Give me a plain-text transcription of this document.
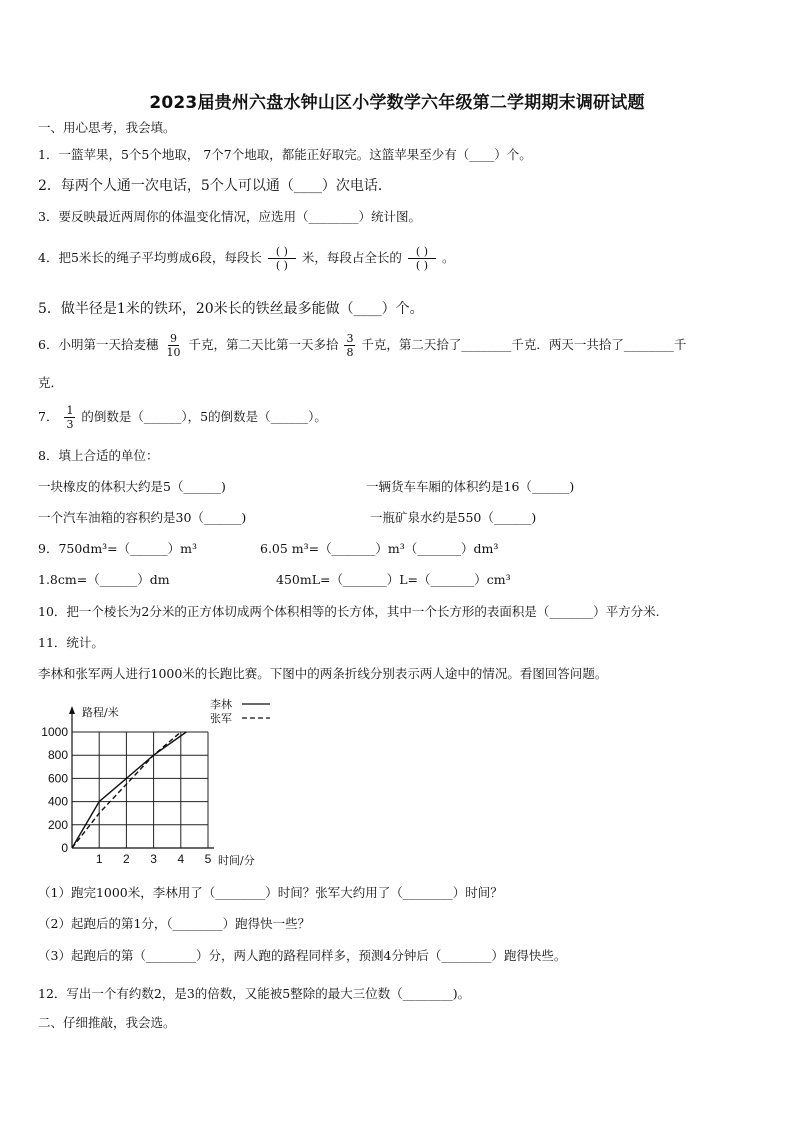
2023届贵州六盘水钟山区小学数学六年级第二学期期末调研试题
一、用心思考，我会填。
1．一篮苹果，5个5个地取， 7个7个地取，都能正好取完。这篮苹果至少有（____）个。
2．每两个人通一次电话，5个人可以通（____）次电话．
3．要反映最近两周你的体温变化情况，应选用（________）统计图。
4．把5米长的绳子平均剪成6段，每段长 $\frac{( )}{( )}$ 米，每段占全长的 $\frac{( )}{( )}$ 。
5．做半径是1米的铁环，20米长的铁丝最多能做（____）个。
6．小明第一天拾麦穗 $\frac{9}{10}$ 千克，第二天比第一天多拾 $\frac{3}{8}$ 千克，第二天拾了________千克．两天一共拾了________千
克．
7． $\frac{1}{3}$ 的倒数是（______），5的倒数是（______）。
8．填上合适的单位：
一块橡皮的体积大约是5（______)	一辆货车车厢的体积约是16（______)
一个汽车油箱的容积约是30（______)	一瓶矿泉水约是550（______)
9．750dm³=（______）m³	6.05 m³=（_______）m³（_______）dm³
1.8cm=（______）dm	450mL=（_______）L=（_______）cm³
10．把一个棱长为2分米的正方体切成两个体积相等的长方体，其中一个长方形的表面积是（_______）平方分米.
11．统计。
李林和张军两人进行1000米的长跑比赛。下图中的两条折线分别表示两人途中的情况。看图回答问题。
路程/米
时间/分
0
200
400
600
800
1000
1 2 3 4 5
李林
张军
（1）跑完1000米，李林用了（________）时间？张军大约用了（________）时间？
（2）起跑后的第1分，（________）跑得快一些？
（3）起跑后的第（________）分，两人跑的路程同样多，预测4分钟后（________）跑得快些。
12．写出一个有约数2，是3的倍数，又能被5整除的最大三位数（________)。
二、仔细推敲，我会选。
